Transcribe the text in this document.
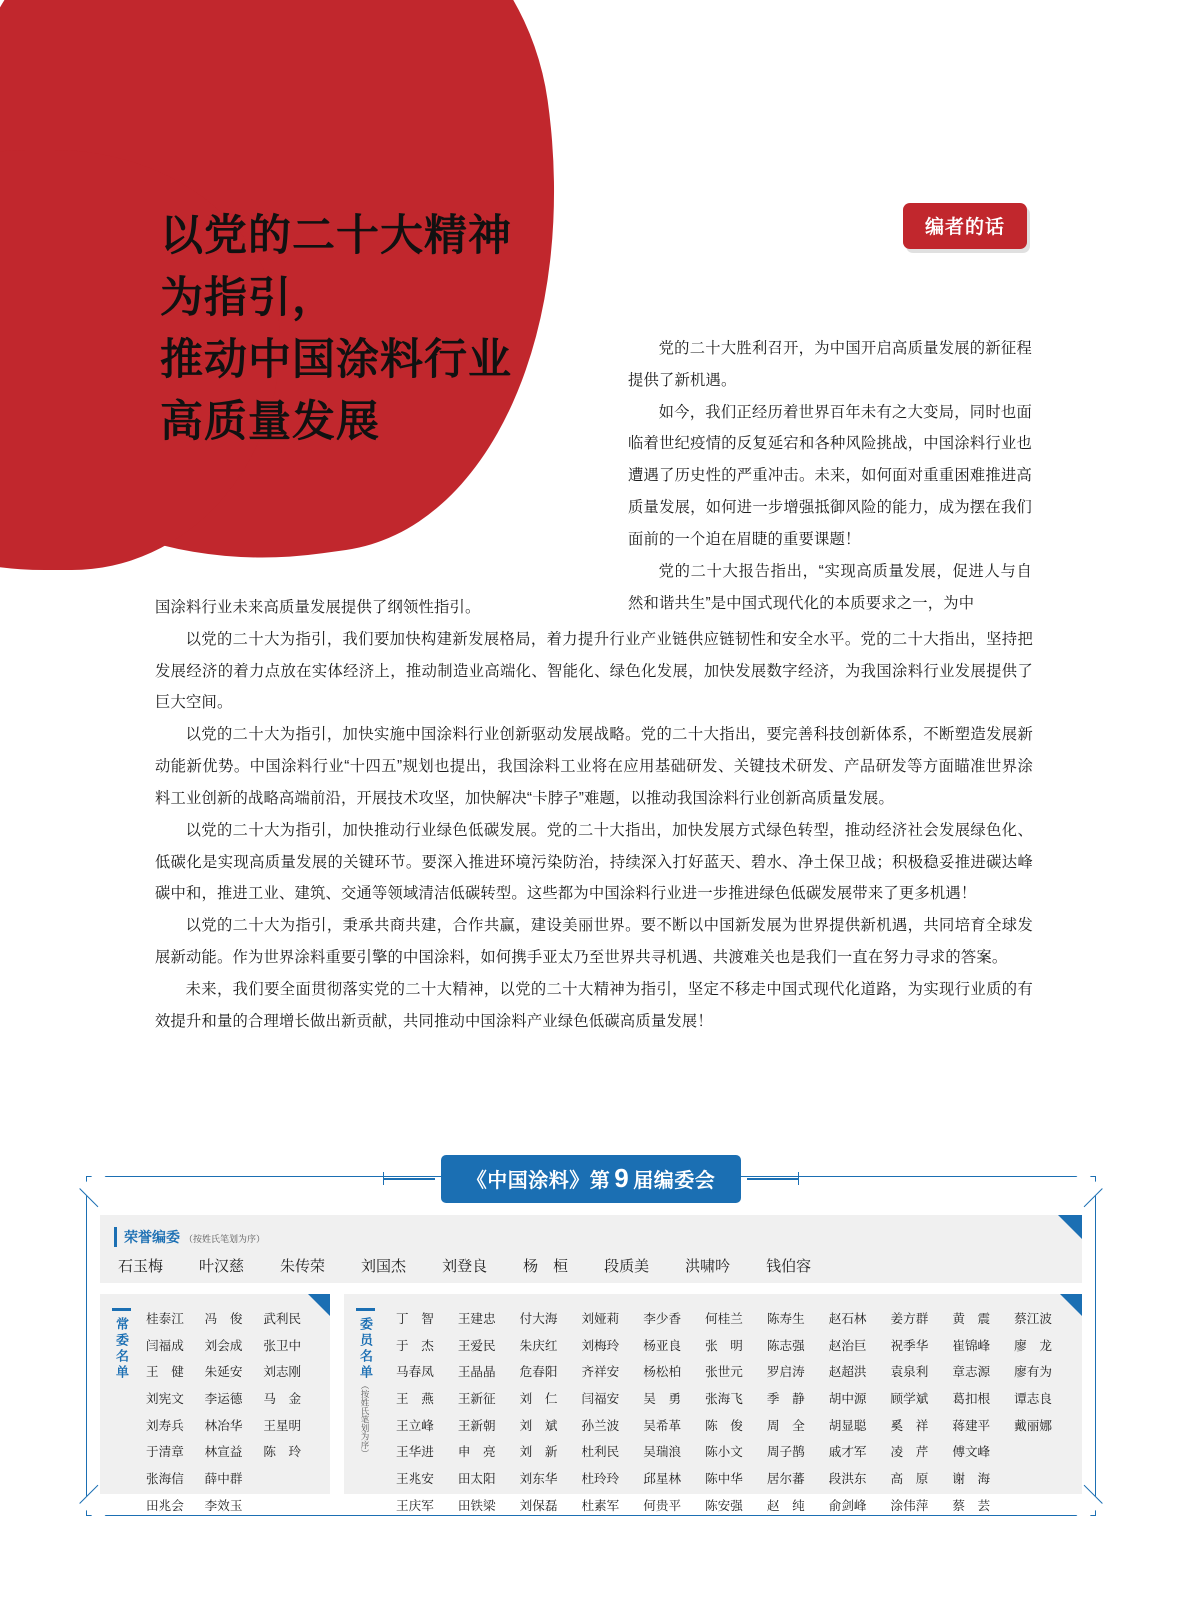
编者的话
以党的二十大精神
为指引，
推动中国涂料行业
高质量发展

党的二十大胜利召开，为中国开启高质量发展的新征程提供了新机遇。

如今，我们正经历着世界百年未有之大变局，同时也面临着世纪疫情的反复延宕和各种风险挑战，中国涂料行业也遭遇了历史性的严重冲击。未来，如何面对重重困难推进高质量发展，如何进一步增强抵御风险的能力，成为摆在我们面前的一个迫在眉睫的重要课题！

党的二十大报告指出，“实现高质量发展，促进人与自然和谐共生”是中国式现代化的本质要求之一，为中

国涂料行业未来高质量发展提供了纲领性指引。

以党的二十大为指引，我们要加快构建新发展格局，着力提升行业产业链供应链韧性和安全水平。党的二十大指出，坚持把发展经济的着力点放在实体经济上，推动制造业高端化、智能化、绿色化发展，加快发展数字经济，为我国涂料行业发展提供了巨大空间。

以党的二十大为指引，加快实施中国涂料行业创新驱动发展战略。党的二十大指出，要完善科技创新体系，不断塑造发展新动能新优势。中国涂料行业“十四五”规划也提出，我国涂料工业将在应用基础研发、关键技术研发、产品研发等方面瞄准世界涂料工业创新的战略高端前沿，开展技术攻坚，加快解决“卡脖子”难题，以推动我国涂料行业创新高质量发展。

以党的二十大为指引，加快推动行业绿色低碳发展。党的二十大指出，加快发展方式绿色转型，推动经济社会发展绿色化、低碳化是实现高质量发展的关键环节。要深入推进环境污染防治，持续深入打好蓝天、碧水、净土保卫战；积极稳妥推进碳达峰碳中和，推进工业、建筑、交通等领域清洁低碳转型。这些都为中国涂料行业进一步推进绿色低碳发展带来了更多机遇！

以党的二十大为指引，秉承共商共建，合作共赢，建设美丽世界。要不断以中国新发展为世界提供新机遇，共同培育全球发展新动能。作为世界涂料重要引擎的中国涂料，如何携手亚太乃至世界共寻机遇、共渡难关也是我们一直在努力寻求的答案。

未来，我们要全面贯彻落实党的二十大精神，以党的二十大精神为指引，坚定不移走中国式现代化道路，为实现行业质的有效提升和量的合理增长做出新贡献，共同推动中国涂料产业绿色低碳高质量发展！

《中国涂料》第 9 届编委会
荣誉编委 （按姓氏笔划为序）
石玉梅 叶汉慈 朱传荣 刘国杰 刘登良 杨　桓 段质美 洪啸吟 钱伯容
常委名单 桂泰江	冯　俊	武利民
闫福成	刘会成	张卫中
王　健	朱延安	刘志刚
刘宪文	李运德	马　金
刘寿兵	林冶华	王星明
于清章	林宣益	陈　玲
张海信	薛中群
田兆会	李效玉
委员名单（按姓氏笔划为序）
丁　智	王建忠	付大海	刘娅莉	李少香	何桂兰	陈寿生	赵石林	姜方群	黄　震	蔡江波
于　杰	王爱民	朱庆红	刘梅玲	杨亚良	张　明	陈志强	赵治巨	祝季华	崔锦峰	廖　龙
马春凤	王晶晶	危春阳	齐祥安	杨松柏	张世元	罗启涛	赵超洪	袁泉利	章志源	廖有为
王　燕	王新征	刘　仁	闫福安	吴　勇	张海飞	季　静	胡中源	顾学斌	葛扣根	谭志良
王立峰	王新朝	刘　斌	孙兰波	吴希革	陈　俊	周　全	胡显聪	奚　祥	蒋建平	戴丽娜
王华进	申　亮	刘　新	杜利民	吴瑞浪	陈小文	周子鹊	戚才军	凌　芹	傅文峰
王兆安	田太阳	刘东华	杜玲玲	邱星林	陈中华	居尔蕃	段洪东	高　原	谢　海
王庆军	田铁梁	刘保磊	杜素军	何贵平	陈安强	赵　纯	俞剑峰	涂伟萍	蔡　芸
